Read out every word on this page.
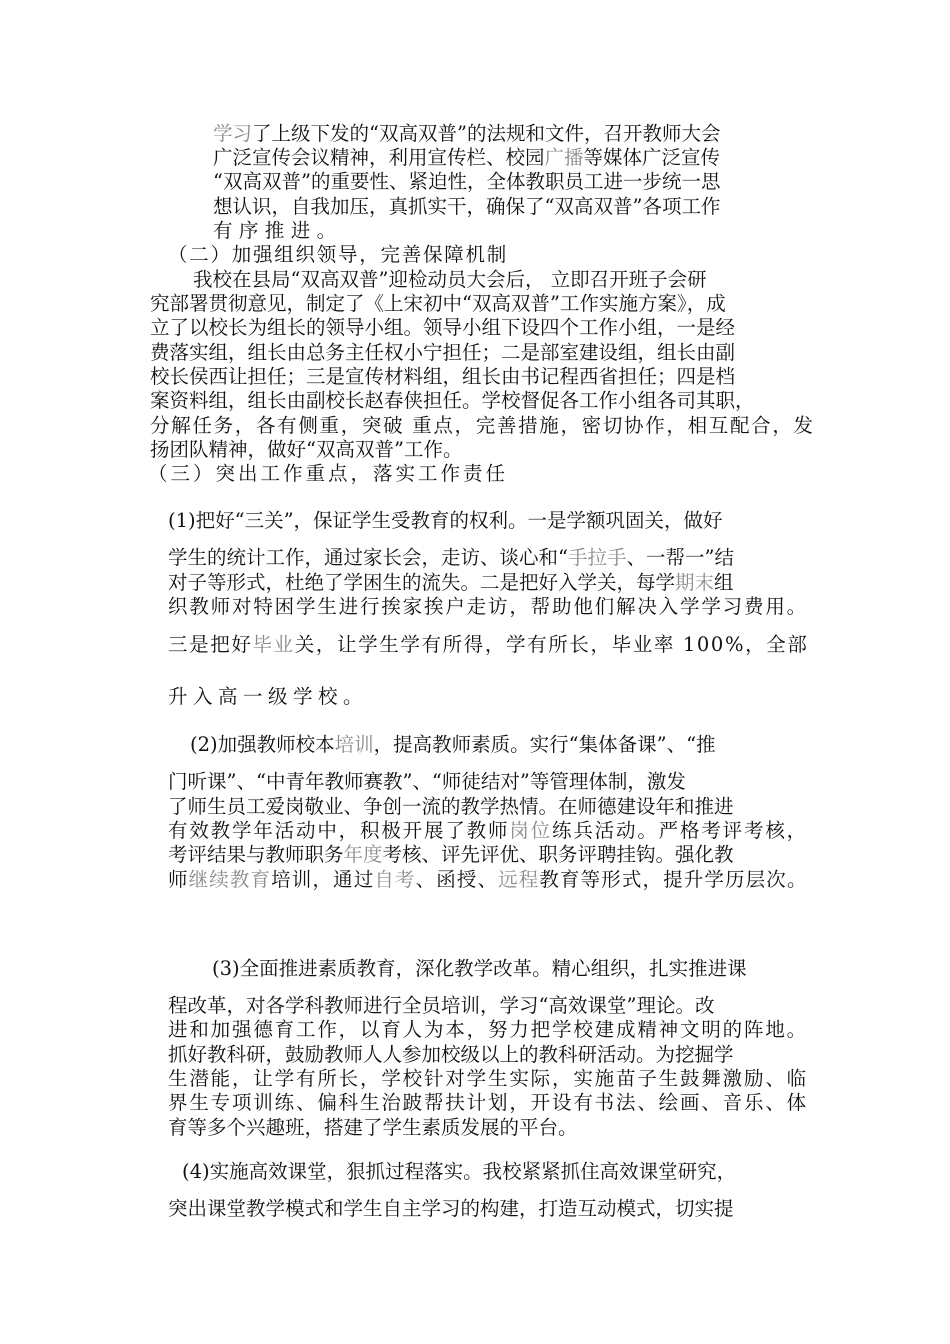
学习了上级下发的“双高双普”的法规和文件，召开教师大会
广泛宣传会议精神，利用宣传栏、校园广播等媒体广泛宣传
“双高双普”的重要性、紧迫性，全体教职员工进一步统一思
想认识，自我加压，真抓实干，确保了“双高双普”各项工作
有序推进。
（二）加强组织领导，完善保障机制
我校在县局“双高双普”迎检动员大会后， 立即召开班子会研
究部署贯彻意见，制定了《上宋初中“双高双普”工作实施方案》，成
立了以校长为组长的领导小组。领导小组下设四个工作小组，一是经
费落实组，组长由总务主任权小宁担任；二是部室建设组，组长由副
校长侯西让担任；三是宣传材料组，组长由书记程西省担任；四是档
案资料组，组长由副校长赵春侠担任。学校督促各工作小组各司其职，
分解任务，各有侧重，突破 重点，完善措施，密切协作，相互配合，发
扬团队精神，做好“双高双普”工作。
（三）突出工作重点，落实工作责任
(1)把好“三关”，保证学生受教育的权利。一是学额巩固关，做好
学生的统计工作，通过家长会，走访、谈心和“手拉手、一帮一”结
对子等形式，杜绝了学困生的流失。二是把好入学关，每学期末组
织教师对特困学生进行挨家挨户走访，帮助他们解决入学学习费用。
三是把好毕业关，让学生学有所得，学有所长，毕业率 100%，全部
升入高一级学校。
(2)加强教师校本培训，提高教师素质。实行“集体备课”、“推
门听课”、“中青年教师赛教”、“师徒结对”等管理体制，激发
了师生员工爱岗敬业、争创一流的教学热情。在师德建设年和推进
有效教学年活动中，积极开展了教师岗位练兵活动。严格考评考核，
考评结果与教师职务年度考核、评先评优、职务评聘挂钩。强化教
师继续教育培训，通过自考、函授、远程教育等形式，提升学历层次。
(3)全面推进素质教育，深化教学改革。精心组织，扎实推进课
程改革，对各学科教师进行全员培训，学习“高效课堂”理论。改
进和加强德育工作，以育人为本，努力把学校建成精神文明的阵地。
抓好教科研，鼓励教师人人参加校级以上的教科研活动。为挖掘学
生潜能，让学有所长，学校针对学生实际，实施苗子生鼓舞激励、临
界生专项训练、偏科生治跛帮扶计划，开设有书法、绘画、音乐、体
育等多个兴趣班，搭建了学生素质发展的平台。
(4)实施高效课堂，狠抓过程落实。我校紧紧抓住高效课堂研究，
突出课堂教学模式和学生自主学习的构建，打造互动模式，切实提
